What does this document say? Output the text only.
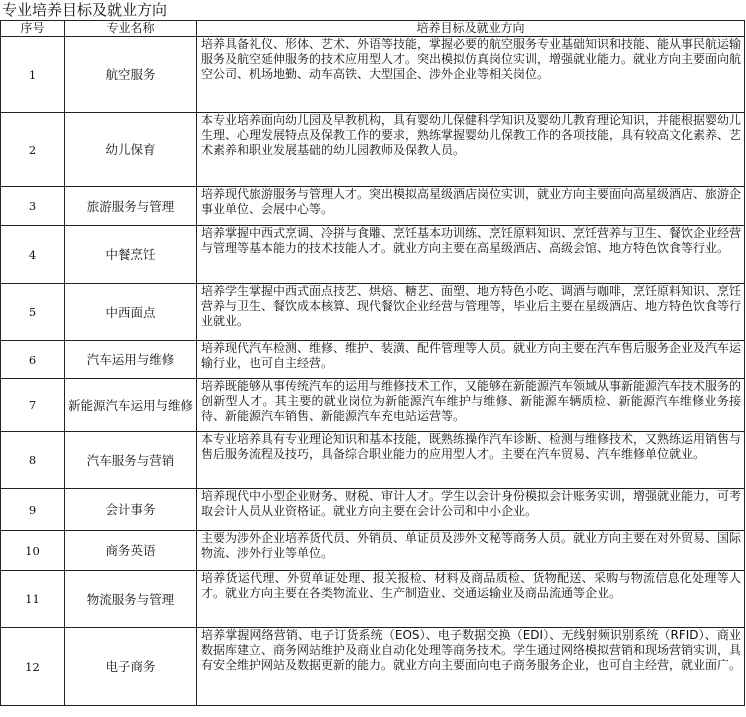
专业培养目标及就业方向
序号	专业名称	培养目标及就业方向
1	航空服务	培养具备礼仪、形体、艺术、外语等技能，掌握必要的航空服务专业基础知识和技能、能从事民航运输服务及航空延伸服务的技术应用型人才。突出模拟仿真岗位实训，增强就业能力。就业方向主要面向航空公司、机场地勤、动车高铁、大型国企、涉外企业等相关岗位。
2	幼儿保育	本专业培养面向幼儿园及早教机构，具有婴幼儿保健科学知识及婴幼儿教育理论知识，并能根据婴幼儿生理、心理发展特点及保教工作的要求，熟练掌握婴幼儿保教工作的各项技能，具有较高文化素养、艺术素养和职业发展基础的幼儿园教师及保教人员。
3	旅游服务与管理	培养现代旅游服务与管理人才。突出模拟高星级酒店岗位实训，就业方向主要面向高星级酒店、旅游企事业单位、会展中心等。
4	中餐烹饪	培养掌握中西式烹调、冷拼与食雕、烹饪基本功训练、烹饪原料知识、烹饪营养与卫生、餐饮企业经营与管理等基本能力的技术技能人才。就业方向主要在高星级酒店、高级会馆、地方特色饮食等行业。
5	中西面点	培养学生掌握中西式面点技艺、烘焙、糖艺、面塑、地方特色小吃、调酒与咖啡，烹饪原料知识、烹饪营养与卫生、餐饮成本核算、现代餐饮企业经营与管理等，毕业后主要在星级酒店、地方特色饮食等行业就业。
6	汽车运用与维修	培养现代汽车检测、维修、维护、装潢、配件管理等人员。就业方向主要在汽车售后服务企业及汽车运输行业，也可自主经营。
7	新能源汽车运用与维修	培养既能够从事传统汽车的运用与维修技术工作，又能够在新能源汽车领域从事新能源汽车技术服务的创新型人才。其主要的就业岗位为新能源汽车维护与维修、新能源车辆质检、新能源汽车维修业务接待、新能源汽车销售、新能源汽车充电站运营等。
8	汽车服务与营销	本专业培养具有专业理论知识和基本技能，既熟练操作汽车诊断、检测与维修技术，又熟练运用销售与售后服务流程及技巧，具备综合职业能力的应用型人才。主要在汽车贸易、汽车维修单位就业。
9	会计事务	培养现代中小型企业财务、财税、审计人才。学生以会计身份模拟会计账务实训，增强就业能力，可考取会计人员从业资格证。就业方向主要在会计公司和中小企业。
10	商务英语	主要为涉外企业培养货代员、外销员、单证员及涉外文秘等商务人员。就业方向主要在对外贸易、国际物流、涉外行业等单位。
11	物流服务与管理	培养货运代理、外贸单证处理、报关报检、材料及商品质检、货物配送、采购与物流信息化处理等人才。就业方向主要在各类物流业、生产制造业、交通运输业及商品流通等企业。
12	电子商务	培养掌握网络营销、电子订货系统（EOS）、电子数据交换（EDI）、无线射频识别系统（RFID）、商业数据库建立、商务网站维护及商业自动化处理等商务技术。学生通过网络模拟营销和现场营销实训，具有安全维护网站及数据更新的能力。就业方向主要面向电子商务服务企业，也可自主经营，就业面广。
